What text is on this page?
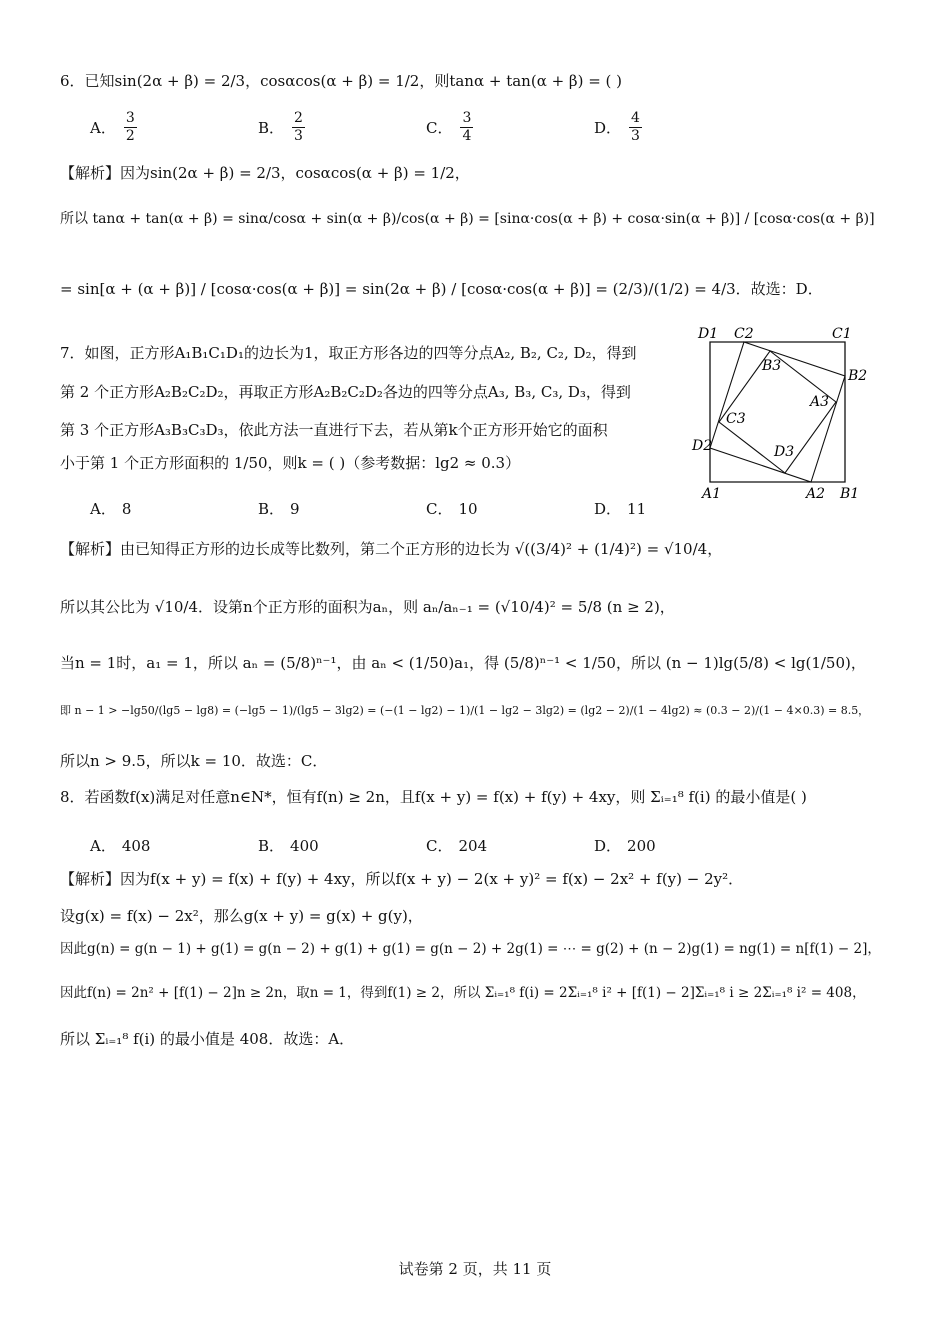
6．已知sin(2α + β) = 2/3，cosαcos(α + β) = 1/2，则tanα + tan(α + β) = ( )
A． $\frac{3}{2}$	B． $\frac{2}{3}$	C． $\frac{3}{4}$	D． $\frac{4}{3}$
【解析】因为sin(2α + β) = 2/3，cosαcos(α + β) = 1/2，
所以 tanα + tan(α + β) = sinα/cosα + sin(α + β)/cos(α + β) = [sinα·cos(α + β) + cosα·sin(α + β)] / [cosα·cos(α + β)]
= sin[α + (α + β)] / [cosα·cos(α + β)] = sin(2α + β) / [cosα·cos(α + β)] = (2/3)/(1/2) = 4/3．故选：D．
7．如图，正方形A₁B₁C₁D₁的边长为1，取正方形各边的四等分点A₂, B₂, C₂, D₂，得到
第 2 个正方形A₂B₂C₂D₂，再取正方形A₂B₂C₂D₂各边的四等分点A₃, B₃, C₃, D₃，得到
第 3 个正方形A₃B₃C₃D₃，依此方法一直进行下去，若从第k个正方形开始它的面积
小于第 1 个正方形面积的 1/50，则k = ( )（参考数据：lg2 ≈ 0.3）
A． 8	B． 9	C． 10	D． 11
D1 C2	C1
B3
B2
A3
C3
D2	D3
A1	A2 B1
【解析】由已知得正方形的边长成等比数列，第二个正方形的边长为 √((3/4)² + (1/4)²) = √10/4，
所以其公比为 √10/4．设第n个正方形的面积为aₙ，则 aₙ/aₙ₋₁ = (√10/4)² = 5/8 (n ≥ 2)，
当n = 1时，a₁ = 1，所以 aₙ = (5/8)ⁿ⁻¹，由 aₙ < (1/50)a₁，得 (5/8)ⁿ⁻¹ < 1/50，所以 (n − 1)lg(5/8) < lg(1/50)，
即 n − 1 > −lg50/(lg5 − lg8) = (−lg5 − 1)/(lg5 − 3lg2) = (−(1 − lg2) − 1)/(1 − lg2 − 3lg2) = (lg2 − 2)/(1 − 4lg2) ≈ (0.3 − 2)/(1 − 4×0.3) = 8.5，
所以n > 9.5，所以k = 10．故选：C．
8．若函数f(x)满足对任意n∈N*，恒有f(n) ≥ 2n，且f(x + y) = f(x) + f(y) + 4xy，则 Σᵢ₌₁⁸ f(i) 的最小值是( )
A． 408	B． 400	C． 204	D． 200
【解析】因为f(x + y) = f(x) + f(y) + 4xy，所以f(x + y) − 2(x + y)² = f(x) − 2x² + f(y) − 2y²．
设g(x) = f(x) − 2x²，那么g(x + y) = g(x) + g(y)，
因此g(n) = g(n − 1) + g(1) = g(n − 2) + g(1) + g(1) = g(n − 2) + 2g(1) = ⋯ = g(2) + (n − 2)g(1) = ng(1) = n[f(1) − 2]，
因此f(n) = 2n² + [f(1) − 2]n ≥ 2n，取n = 1，得到f(1) ≥ 2，所以 Σᵢ₌₁⁸ f(i) = 2Σᵢ₌₁⁸ i² + [f(1) − 2]Σᵢ₌₁⁸ i ≥ 2Σᵢ₌₁⁸ i² = 408，
所以 Σᵢ₌₁⁸ f(i) 的最小值是 408．故选：A．
试卷第 2 页，共 11 页
